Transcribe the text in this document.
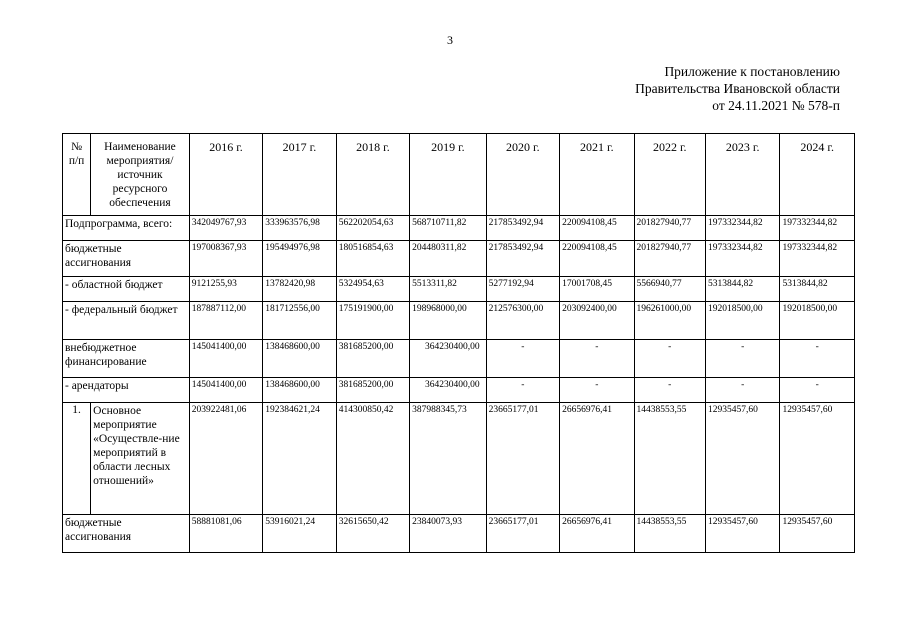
3
Приложение к постановлению
Правительства Ивановской области
от 24.11.2021 № 578-п
№ п/п	Наименование мероприятия/ источник ресурсного обеспечения	2016 г.	2017 г.	2018 г.	2019 г.	2020 г.	2021 г.	2022 г.	2023 г.	2024 г.
Подпрограмма, всего:		342049767,93	333963576,98	562202054,63	568710711,82	217853492,94	220094108,45	201827940,77	197332344,82	197332344,82
бюджетные ассигнования		197008367,93	195494976,98	180516854,63	204480311,82	217853492,94	220094108,45	201827940,77	197332344,82	197332344,82
- областной бюджет		9121255,93	13782420,98	5324954,63	5513311,82	5277192,94	17001708,45	5566940,77	5313844,82	5313844,82
- федеральный бюджет		187887112,00	181712556,00	175191900,00	198968000,00	212576300,00	203092400,00	196261000,00	192018500,00	192018500,00
внебюджетное финансирование		145041400,00	138468600,00	381685200,00	364230400,00	-	-	-	-	-
- арендаторы		145041400,00	138468600,00	381685200,00	364230400,00	-	-	-	-	-
1.	Основное мероприятие «Осуществле-ние мероприятий в области лесных отношений»	203922481,06	192384621,24	414300850,42	387988345,73	23665177,01	26656976,41	14438553,55	12935457,60	12935457,60
бюджетные ассигнования		58881081,06	53916021,24	32615650,42	23840073,93	23665177,01	26656976,41	14438553,55	12935457,60	12935457,60
